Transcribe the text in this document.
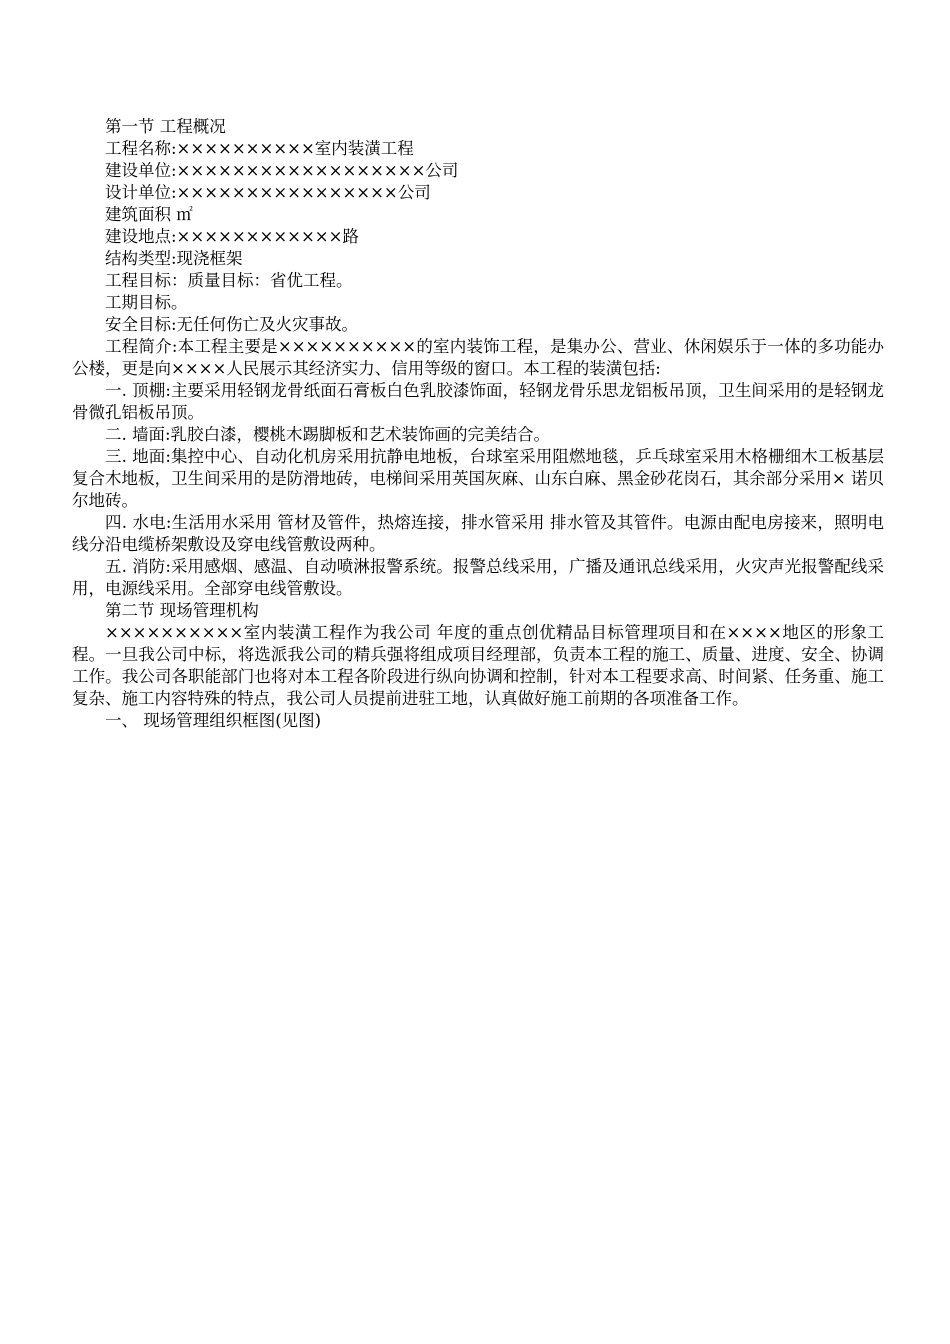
第一节 工程概况

工程名称:××××××××××室内装潢工程

建设单位:××××××××××××××××××公司

设计单位:××××××××××××××××公司

建筑面积 ㎡

建设地点:××××××××××××路

结构类型:现浇框架

工程目标：质量目标：省优工程。

工期目标。

安全目标:无任何伤亡及火灾事故。

工程简介:本工程主要是××××××××××的室内装饰工程，是集办公、营业、休闲娱乐于一体的多功能办公楼，更是向××××人民展示其经济实力、信用等级的窗口。本工程的装潢包括:

一. 顶棚:主要采用轻钢龙骨纸面石膏板白色乳胶漆饰面，轻钢龙骨乐思龙铝板吊顶，卫生间采用的是轻钢龙骨微孔铝板吊顶。

二. 墙面:乳胶白漆，樱桃木踢脚板和艺术装饰画的完美结合。

三. 地面:集控中心、自动化机房采用抗静电地板，台球室采用阻燃地毯，乒乓球室采用木格栅细木工板基层复合木地板，卫生间采用的是防滑地砖，电梯间采用英国灰麻、山东白麻、黑金砂花岗石，其余部分采用× 诺贝尔地砖。

四. 水电:生活用水采用 管材及管件，热熔连接，排水管采用 排水管及其管件。电源由配电房接来，照明电线分沿电缆桥架敷设及穿电线管敷设两种。

五. 消防:采用感烟、感温、自动喷淋报警系统。报警总线采用，广播及通讯总线采用，火灾声光报警配线采用，电源线采用。全部穿电线管敷设。

第二节 现场管理机构

××××××××××室内装潢工程作为我公司 年度的重点创优精品目标管理项目和在××××地区的形象工程。一旦我公司中标，将选派我公司的精兵强将组成项目经理部，负责本工程的施工、质量、进度、安全、协调工作。我公司各职能部门也将对本工程各阶段进行纵向协调和控制，针对本工程要求高、时间紧、任务重、施工复杂、施工内容特殊的特点，我公司人员提前进驻工地，认真做好施工前期的各项准备工作。

一、 现场管理组织框图(见图)
